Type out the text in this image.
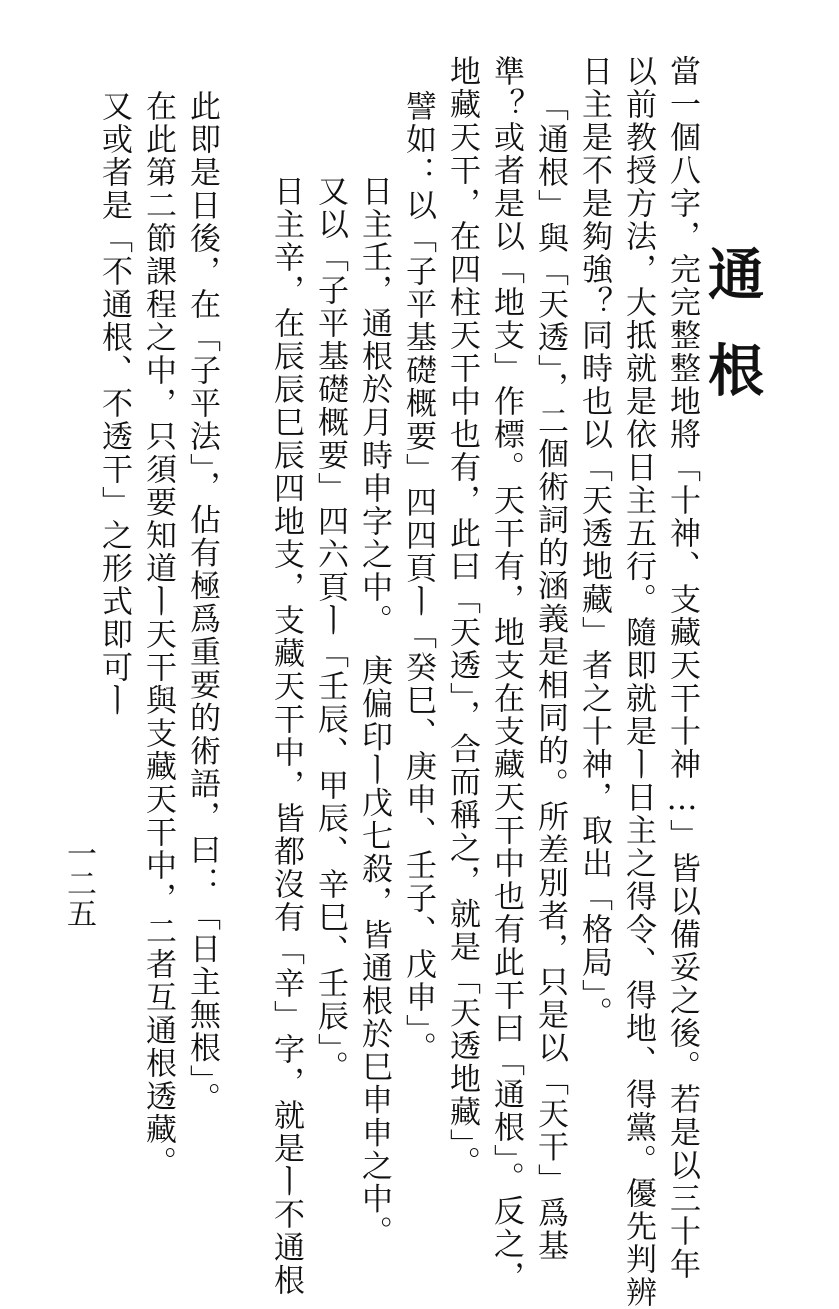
通根
當一個八字，完完整整地將「十神、支藏天干十神…」皆以備妥之後。若是以三十年
以前教授方法，大抵就是依日主五行。隨即就是ㅣ日主之得令、得地、得黨。優先判辨
日主是不是夠強？同時也以「天透地藏」者之十神，取出「格局」。
「通根」與「天透」，二個術詞的涵義是相同的。所差別者，只是以「天干」爲基
準？或者是以「地支」作標。天干有，地支在支藏天干中也有此干曰「通根」。反之，
地藏天干，在四柱天干中也有，此曰「天透」，合而稱之，就是「天透地藏」。
譬如：以「子平基礎概要」四四頁ㅣ「癸巳、庚申、壬子、戊申」。
日主壬，通根於月時申字之中。　庚偏印ㅣ戊七殺，皆通根於巳申申之中。
又以「子平基礎概要」四六頁ㅣ「壬辰、甲辰、辛巳、壬辰」。
日主辛，在辰辰巳辰四地支，支藏天干中，皆都沒有「辛」字，就是ㅣ不通根
此即是日後，在「子平法」，佔有極爲重要的術語，曰：「日主無根」。
在此第二節課程之中，只須要知道ㅣ天干與支藏天干中，二者互通根透藏。
又或者是「不通根、不透干」之形式即可ㅣ
一二五
